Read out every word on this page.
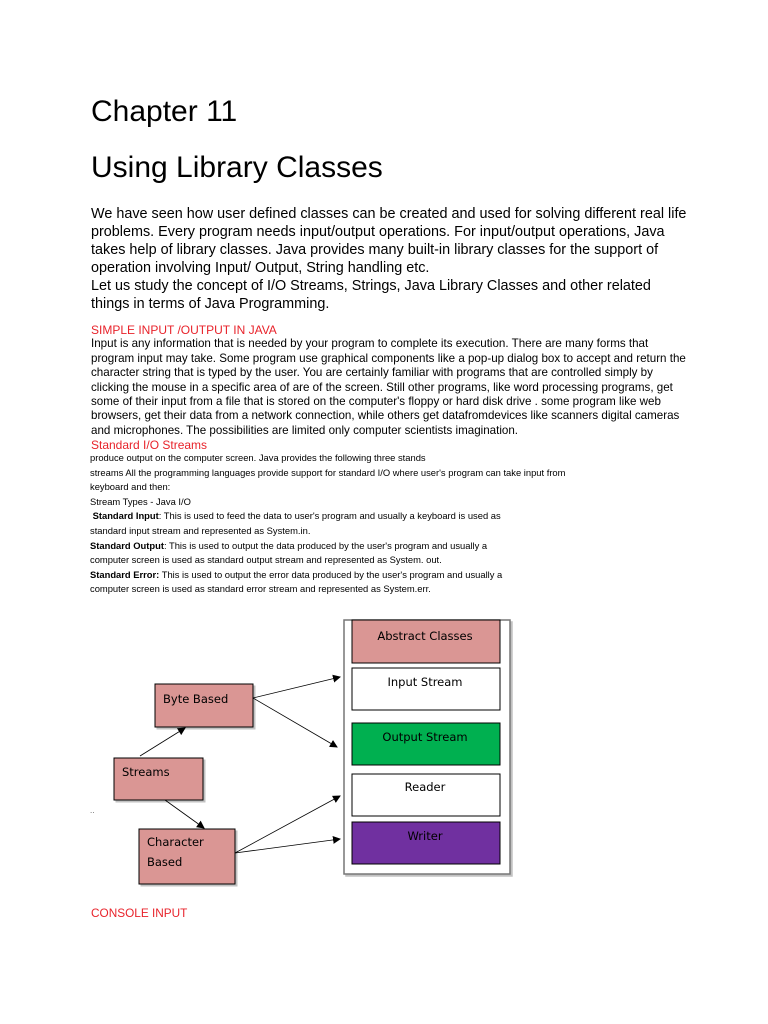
Chapter 11
Using Library Classes

We have seen how user defined classes can be created and used for solving different real life problems. Every program needs input/output operations. For input/output operations, Java takes help of library classes. Java provides many built-in library classes for the support of operation involving Input/ Output, String handling etc.

Let us study the concept of I/O Streams, Strings, Java Library Classes and other related things in terms of Java Programming.

SIMPLE INPUT /OUTPUT IN JAVA
Input is any information that is needed by your program to complete its execution. There are many forms that program input may take. Some program use graphical components like a pop-up dialog box to accept and return the character string that is typed by the user. You are certainly familiar with programs that are controlled simply by clicking the mouse in a specific area of are of the screen. Still other programs, like word processing programs, get some of their input from a file that is stored on the computer's floppy or hard disk drive . some program like web browsers, get their data from a network connection, while others get datafromdevices like scanners digital cameras and microphones. The possibilities are limited only computer scientists imagination.
Standard I/O Streams
produce output on the computer screen. Java provides the following three stands
streams All the programming languages provide support for standard I/O where user's program can take input from
keyboard and then:
Stream Types - Java I/O
Standard Input: This is used to feed the data to user's program and usually a keyboard is used as
standard input stream and represented as System.in.
Standard Output: This is used to output the data produced by the user's program and usually a
computer screen is used as standard output stream and represented as System. out.
Standard Error: This is used to output the error data produced by the user's program and usually a
computer screen is used as standard error stream and represented as System.err.
Abstract Classes
Input Stream
Output Stream
Reader
Writer
Byte Based
Streams
Character
Based
..
CONSOLE INPUT
